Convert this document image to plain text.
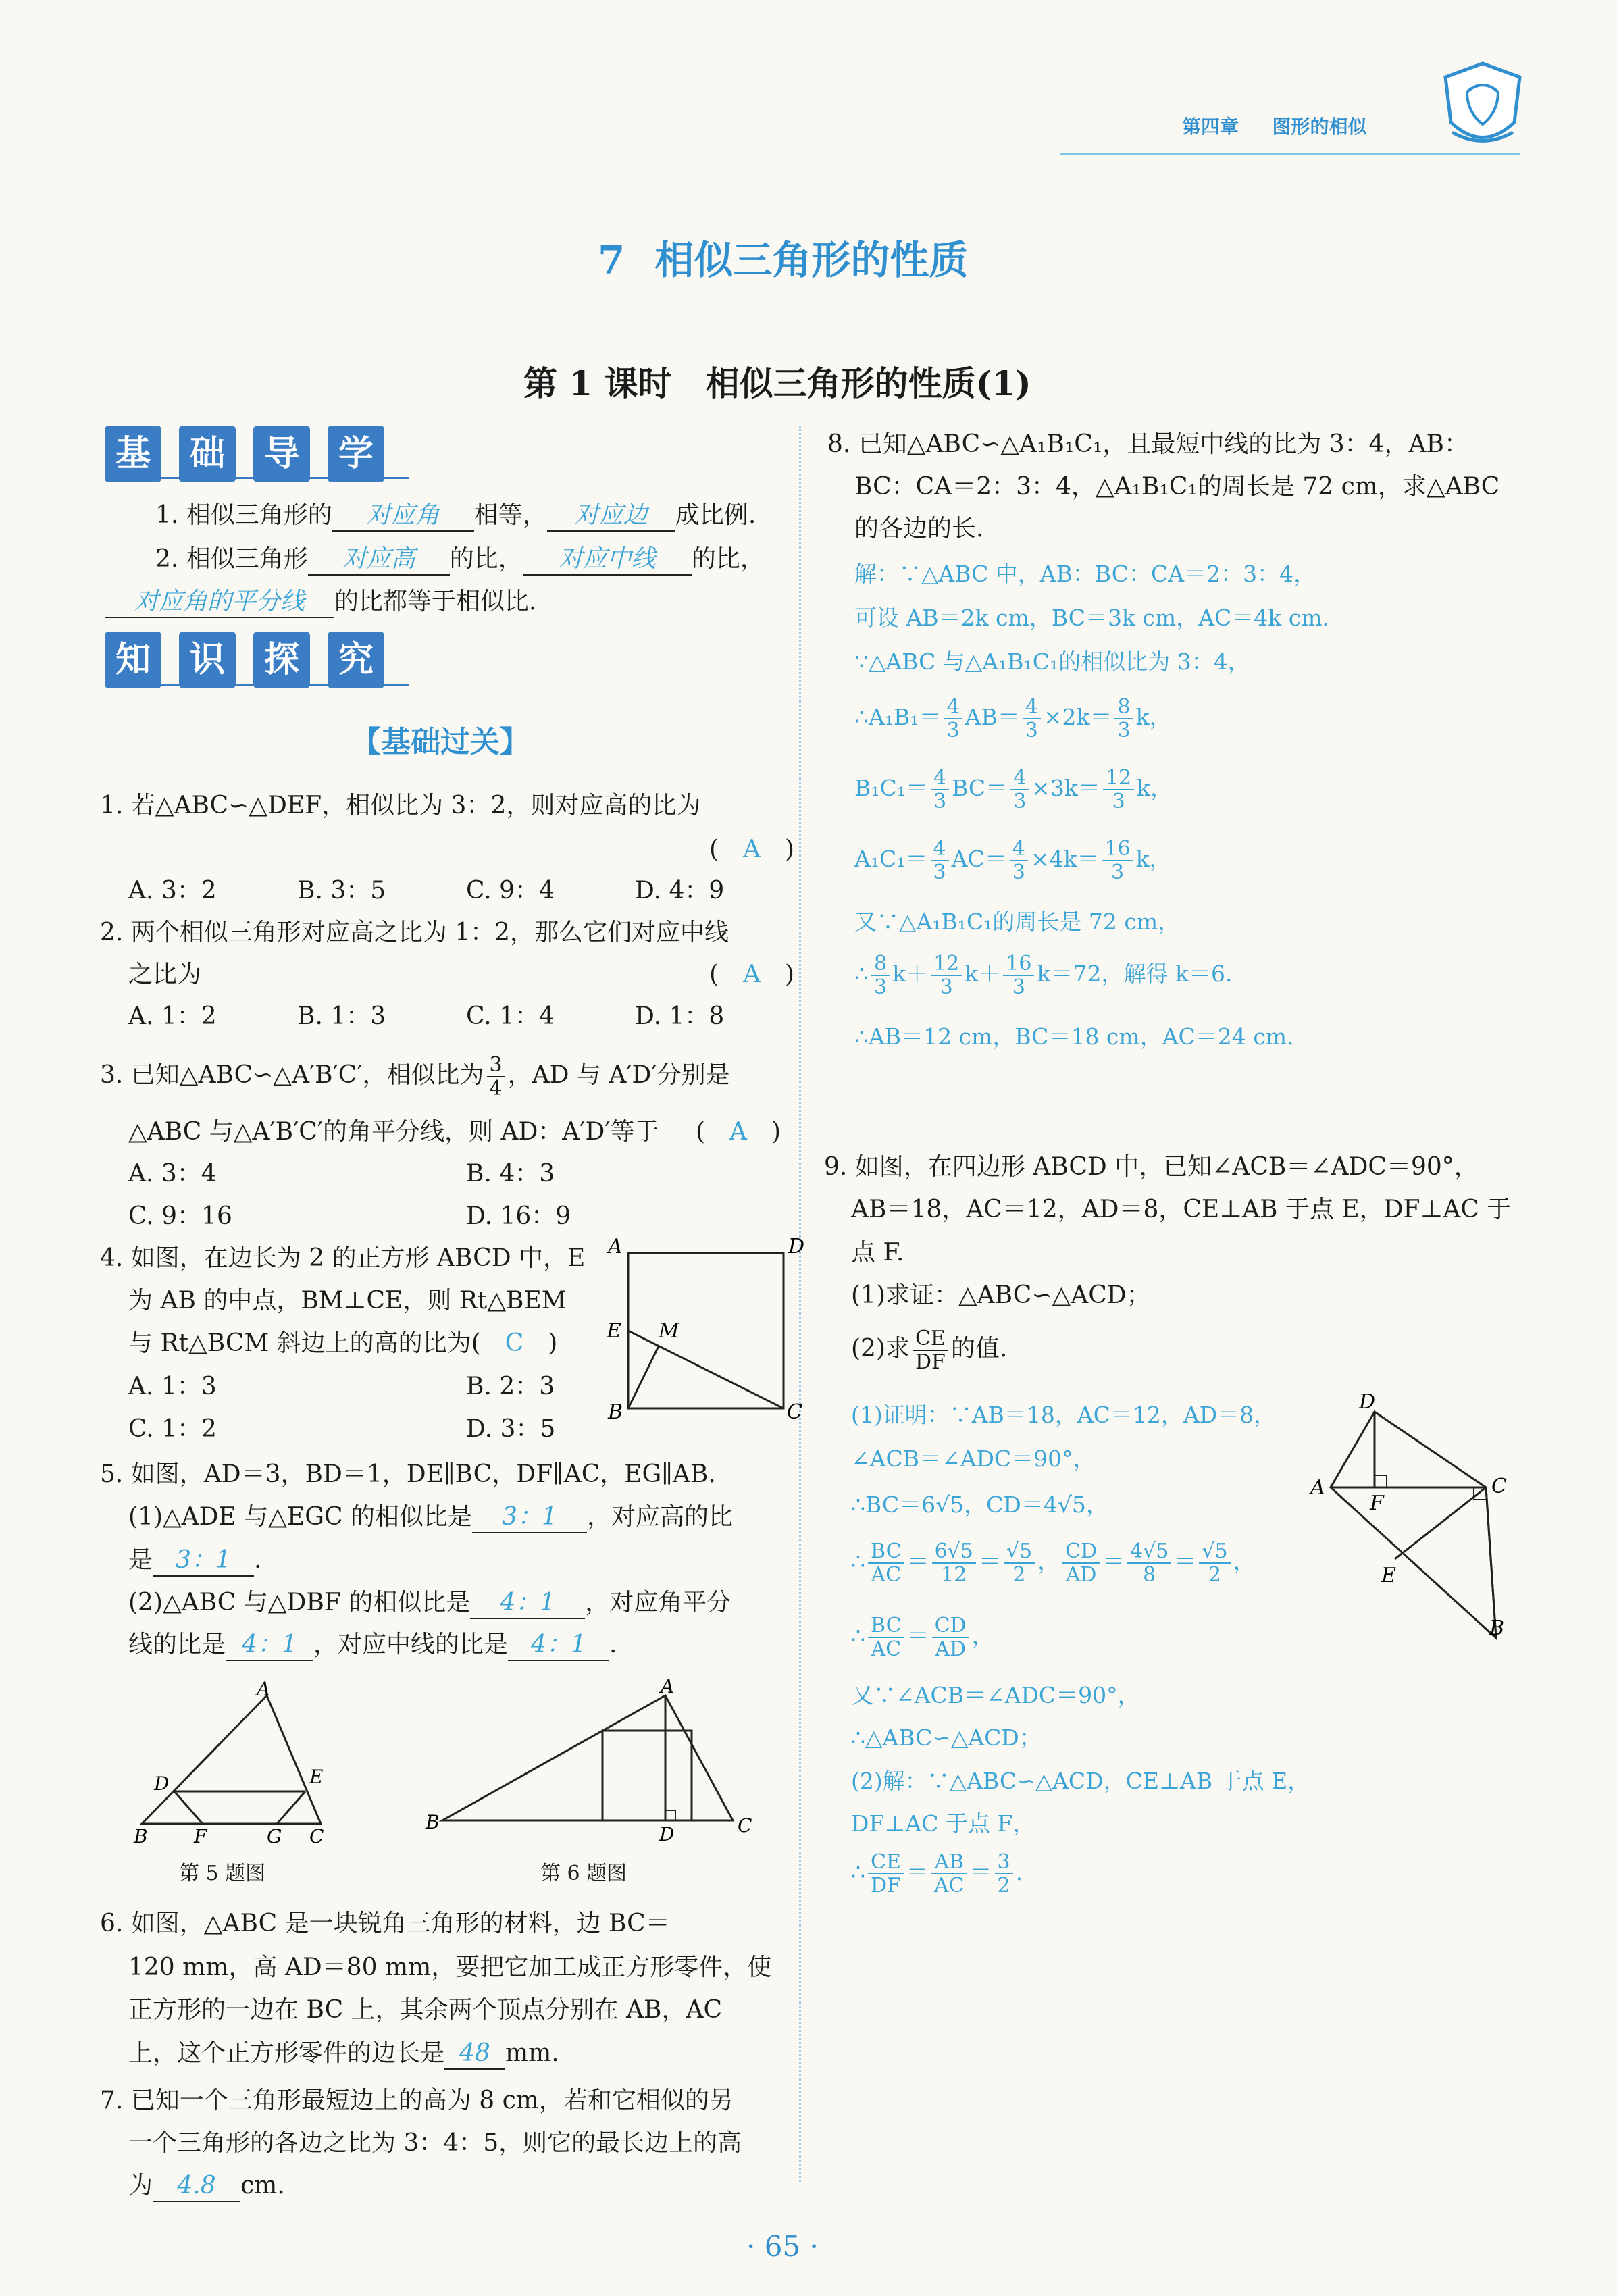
第四章 图形的相似
7 相似三角形的性质
第 1 课时　相似三角形的性质(1)
基 础 导 学
1. 相似三角形的 对应角 相等， 对应边 成比例.
2. 相似三角形 对应高 的比， 对应中线 的比，
对应角的平分线 的比都等于相似比.
知 识 探 究
【基础过关】
1. 若△ABC∽△DEF，相似比为 3：2，则对应高的比为
(　A　)
A. 3：2	B. 3：5	C. 9：4	D. 4：9
2. 两个相似三角形对应高之比为 1：2，那么它们对应中线
之比为	(　A　)
A. 1：2	B. 1：3	C. 1：4	D. 1：8
3. 已知△ABC∽△A′B′C′，相似比为 $\frac{3}{4}$ ，AD 与 A′D′分别是
△ABC 与△A′B′C′的角平分线，则 AD：A′D′等于 (　A　)
A. 3：4	B. 4：3
C. 9：16	D. 16：9
4. 如图，在边长为 2 的正方形 ABCD 中，E
为 AB 的中点，BM⊥CE，则 Rt△BEM
与 Rt△BCM 斜边上的高的比为(　C　)
A. 1：3	B. 2：3
C. 1：2	D. 3：5
A	D
E M
B	C
5. 如图，AD＝3，BD＝1，DE∥BC，DF∥AC，EG∥AB.
(1)△ADE 与△EGC 的相似比是 3：1 ，对应高的比
是 3：1 .
(2)△ABC 与△DBF 的相似比是 4：1 ，对应角平分
线的比是 4：1 ，对应中线的比是 4：1 .
A
D	E
B F	G C
第 5 题图
A
B
D	C
第 6 题图
6. 如图，△ABC 是一块锐角三角形的材料，边 BC＝
120 mm，高 AD＝80 mm，要把它加工成正方形零件，使
正方形的一边在 BC 上，其余两个顶点分别在 AB，AC
上，这个正方形零件的边长是 48 mm.
7. 已知一个三角形最短边上的高为 8 cm，若和它相似的另
一个三角形的各边之比为 3：4：5，则它的最长边上的高
为 4.8 cm.
8. 已知△ABC∽△A₁B₁C₁，且最短中线的比为 3：4，AB：
BC：CA＝2：3：4，△A₁B₁C₁的周长是 72 cm，求△ABC
的各边的长.
解：∵△ABC 中，AB：BC：CA＝2：3：4，
可设 AB＝2k cm，BC＝3k cm，AC＝4k cm.
∵△ABC 与△A₁B₁C₁的相似比为 3：4，
∴A₁B₁＝ $\frac{4}{3} AB= \frac{4}{3} \times 2k= \frac{8}{3}$ k，
$B_1C_1= \frac{4}{3} BC= \frac{4}{3} \times 3k= \frac{12}{3}$ k，
$A_1C_1= \frac{4}{3} AC= \frac{4}{3} \times 4k= \frac{16}{3}$ k，
又∵△A₁B₁C₁的周长是 72 cm，
∴ $\frac{8}{3} k+ \frac{12}{3} k+ \frac{16}{3} k=72$，解得 k＝6.
∴AB＝12 cm，BC＝18 cm，AC＝24 cm.
9. 如图，在四边形 ABCD 中，已知∠ACB＝∠ADC＝90°，
AB＝18，AC＝12，AD＝8，CE⊥AB 于点 E，DF⊥AC 于
点 F.
(1)求证：△ABC∽△ACD；
(2)求 $\frac{CE}{DF}$ 的值.
(1)证明：∵AB＝18，AC＝12，AD＝8，
∠ACB＝∠ADC＝90°，
∴BC＝6√5，CD＝4√5，
∴ $\frac{BC}{AC} = \frac{6√5}{12} = \frac{√5}{2}$ ， $\frac{CD}{AD} = \frac{4√5}{8} = \frac{√5}{2}$ ，
∴ $\frac{BC}{AC} = \frac{CD}{AD}$ ，
又∵∠ACB＝∠ADC＝90°，
∴△ABC∽△ACD；
(2)解：∵△ABC∽△ACD，CE⊥AB 于点 E，
DF⊥AC 于点 F，
∴ $\frac{CE}{DF} = \frac{AB}{AC} = \frac{3}{2}$ .
D
A
F
C
E
B
· 65 ·
